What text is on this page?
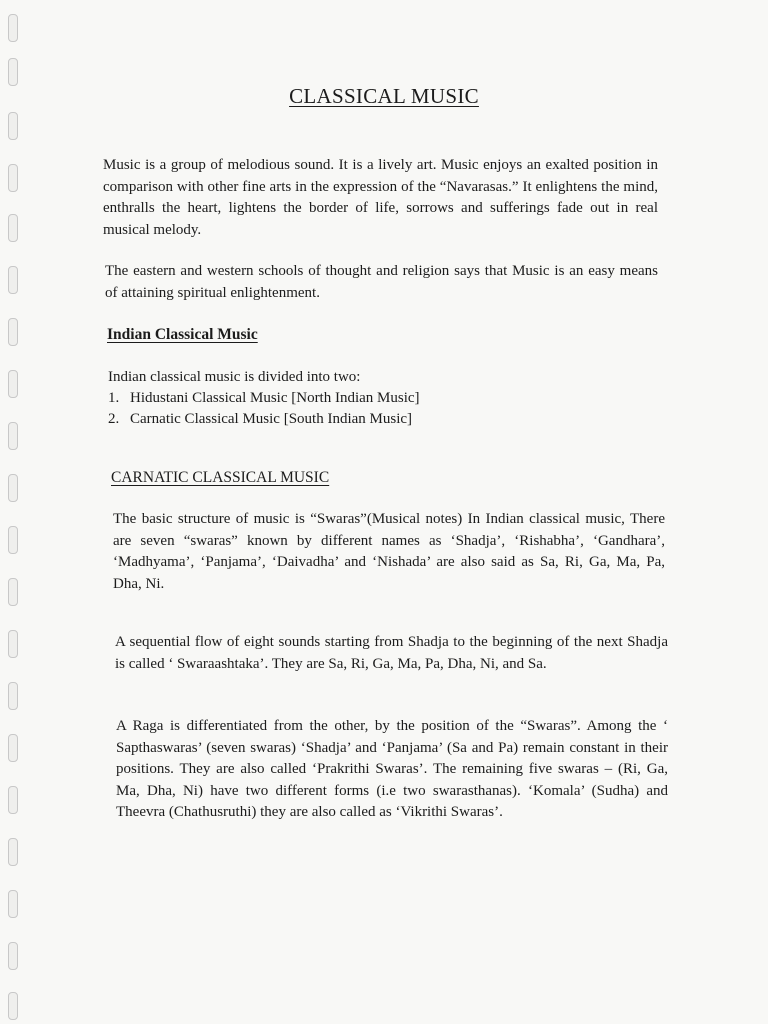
CLASSICAL MUSIC

Music is a group of melodious sound. It is a lively art. Music enjoys an exalted position in comparison with other fine arts in the expression of the “Navarasas.” It enlightens the mind, enthralls the heart, lightens the border of life, sorrows and sufferings fade out in real musical melody.

The eastern and western schools of thought and religion says that Music is an easy means of attaining spiritual enlightenment.

Indian Classical Music

Indian classical music is divided into two:

1. Hidustani Classical Music [North Indian Music]
2. Carnatic Classical Music [South Indian Music]
CARNATIC CLASSICAL MUSIC

The basic structure of music is “Swaras”(Musical notes) In Indian classical music, There are seven “swaras” known by different names as ‘Shadja’, ‘Rishabha’, ‘Gandhara’, ‘Madhyama’, ‘Panjama’, ‘Daivadha’ and ‘Nishada’ are also said as Sa, Ri, Ga, Ma, Pa, Dha, Ni.

A sequential flow of eight sounds starting from Shadja to the beginning of the next Shadja is called ‘ Swaraashtaka’. They are Sa, Ri, Ga, Ma, Pa, Dha, Ni, and Sa.

A Raga is differentiated from the other, by the position of the “Swaras”. Among the ‘ Sapthaswaras’ (seven swaras) ‘Shadja’ and ‘Panjama’ (Sa and Pa) remain constant in their positions. They are also called ‘Prakrithi Swaras’. The remaining five swaras – (Ri, Ga, Ma, Dha, Ni) have two different forms (i.e two swarasthanas). ‘Komala’ (Sudha) and Theevra (Chathusruthi) they are also called as ‘Vikrithi Swaras’.
